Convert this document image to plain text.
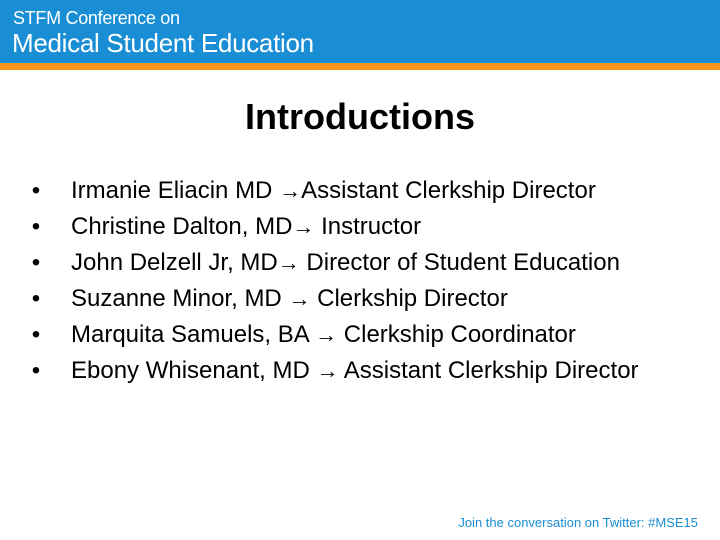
STFM Conference on
Medical Student Education
Introductions
• Irmanie Eliacin MD →Assistant Clerkship Director
• Christine Dalton, MD→ Instructor
• John Delzell Jr, MD→ Director of Student Education
• Suzanne Minor, MD → Clerkship Director
• Marquita Samuels, BA → Clerkship Coordinator
• Ebony Whisenant, MD → Assistant Clerkship Director
Join the conversation on Twitter: #MSE15
